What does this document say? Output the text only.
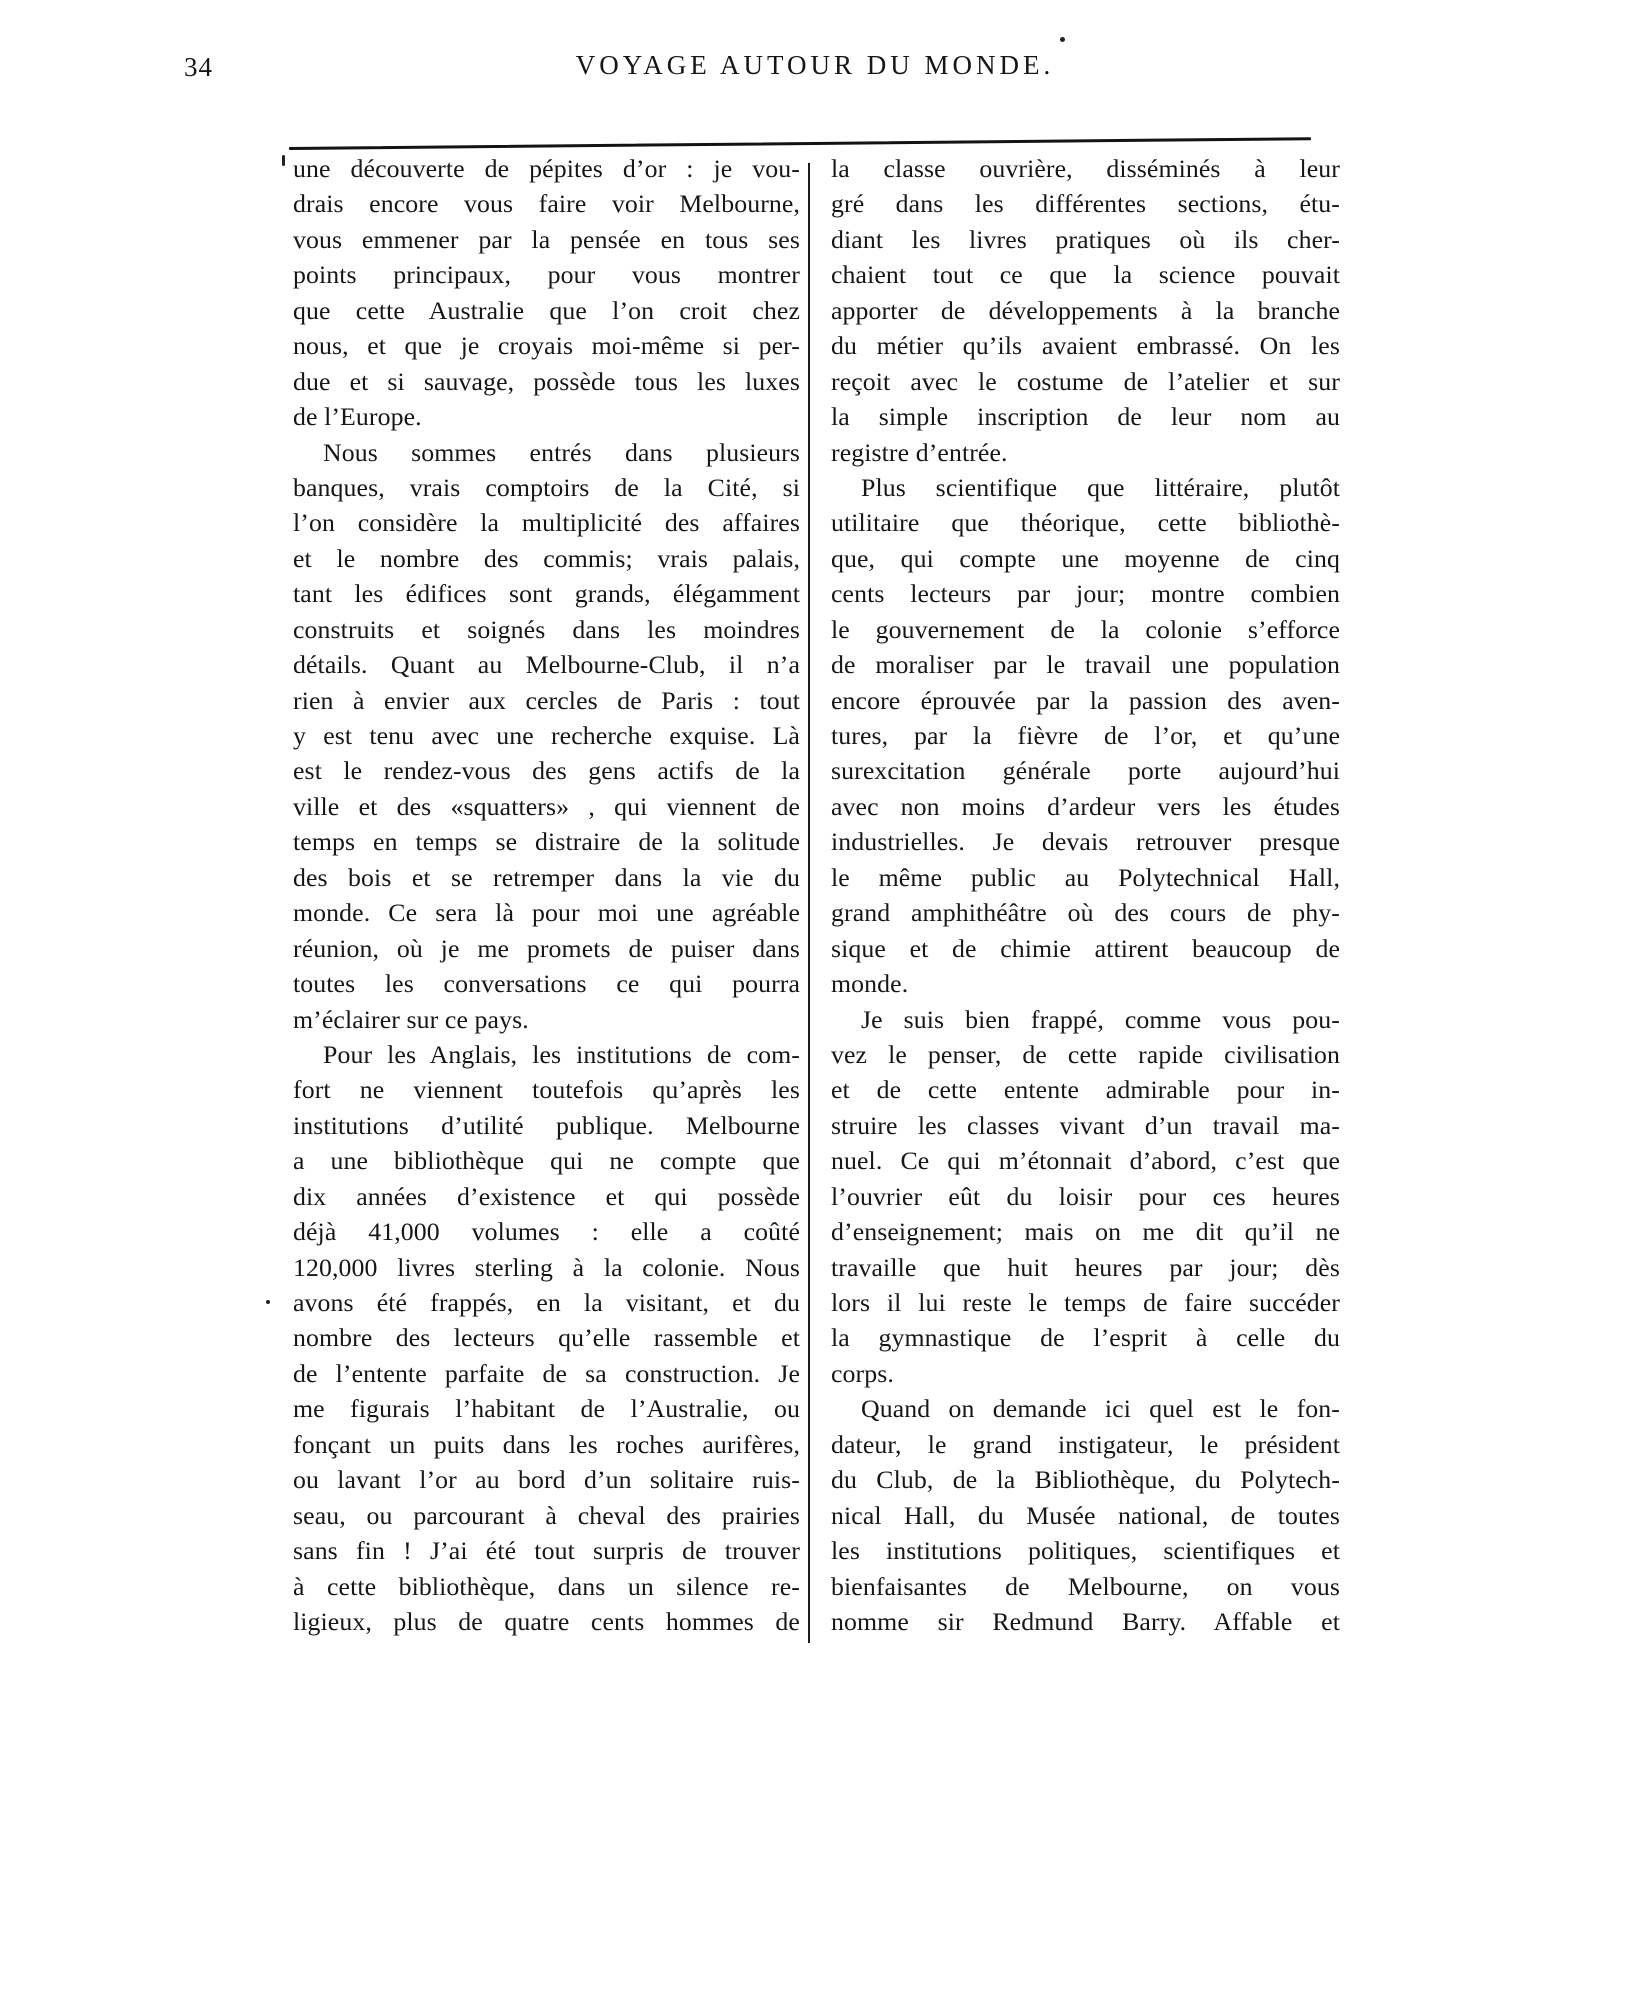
34	VOYAGE AUTOUR DU MONDE.
une découverte de pépites d’or : je vou-
drais encore vous faire voir Melbourne,
vous emmener par la pensée en tous ses
points principaux, pour vous montrer
que cette Australie que l’on croit chez
nous, et que je croyais moi-même si per-
due et si sauvage, possède tous les luxes
de l’Europe.
Nous sommes entrés dans plusieurs
banques, vrais comptoirs de la Cité, si
l’on considère la multiplicité des affaires
et le nombre des commis; vrais palais,
tant les édifices sont grands, élégamment
construits et soignés dans les moindres
détails. Quant au Melbourne-Club, il n’a
rien à envier aux cercles de Paris : tout
y est tenu avec une recherche exquise. Là
est le rendez-vous des gens actifs de la
ville et des «squatters» , qui viennent de
temps en temps se distraire de la solitude
des bois et se retremper dans la vie du
monde. Ce sera là pour moi une agréable
réunion, où je me promets de puiser dans
toutes les conversations ce qui pourra
m’éclairer sur ce pays.
Pour les Anglais, les institutions de com-
fort ne viennent toutefois qu’après les
institutions d’utilité publique. Melbourne
a une bibliothèque qui ne compte que
dix années d’existence et qui possède
déjà 41,000 volumes : elle a coûté
120,000 livres sterling à la colonie. Nous
avons été frappés, en la visitant, et du
nombre des lecteurs qu’elle rassemble et
de l’entente parfaite de sa construction. Je
me figurais l’habitant de l’Australie, ou
fonçant un puits dans les roches aurifères,
ou lavant l’or au bord d’un solitaire ruis-
seau, ou parcourant à cheval des prairies
sans fin ! J’ai été tout surpris de trouver
à cette bibliothèque, dans un silence re-
ligieux, plus de quatre cents hommes de
la classe ouvrière, disséminés à leur
gré dans les différentes sections, étu-
diant les livres pratiques où ils cher-
chaient tout ce que la science pouvait
apporter de développements à la branche
du métier qu’ils avaient embrassé. On les
reçoit avec le costume de l’atelier et sur
la simple inscription de leur nom au
registre d’entrée.
Plus scientifique que littéraire, plutôt
utilitaire que théorique, cette bibliothè-
que, qui compte une moyenne de cinq
cents lecteurs par jour; montre combien
le gouvernement de la colonie s’efforce
de moraliser par le travail une population
encore éprouvée par la passion des aven-
tures, par la fièvre de l’or, et qu’une
surexcitation générale porte aujourd’hui
avec non moins d’ardeur vers les études
industrielles. Je devais retrouver presque
le même public au Polytechnical Hall,
grand amphithéâtre où des cours de phy-
sique et de chimie attirent beaucoup de
monde.
Je suis bien frappé, comme vous pou-
vez le penser, de cette rapide civilisation
et de cette entente admirable pour in-
struire les classes vivant d’un travail ma-
nuel. Ce qui m’étonnait d’abord, c’est que
l’ouvrier eût du loisir pour ces heures
d’enseignement; mais on me dit qu’il ne
travaille que huit heures par jour; dès
lors il lui reste le temps de faire succéder
la gymnastique de l’esprit à celle du
corps.
Quand on demande ici quel est le fon-
dateur, le grand instigateur, le président
du Club, de la Bibliothèque, du Polytech-
nical Hall, du Musée national, de toutes
les institutions politiques, scientifiques et
bienfaisantes de Melbourne, on vous
nomme sir Redmund Barry. Affable et
